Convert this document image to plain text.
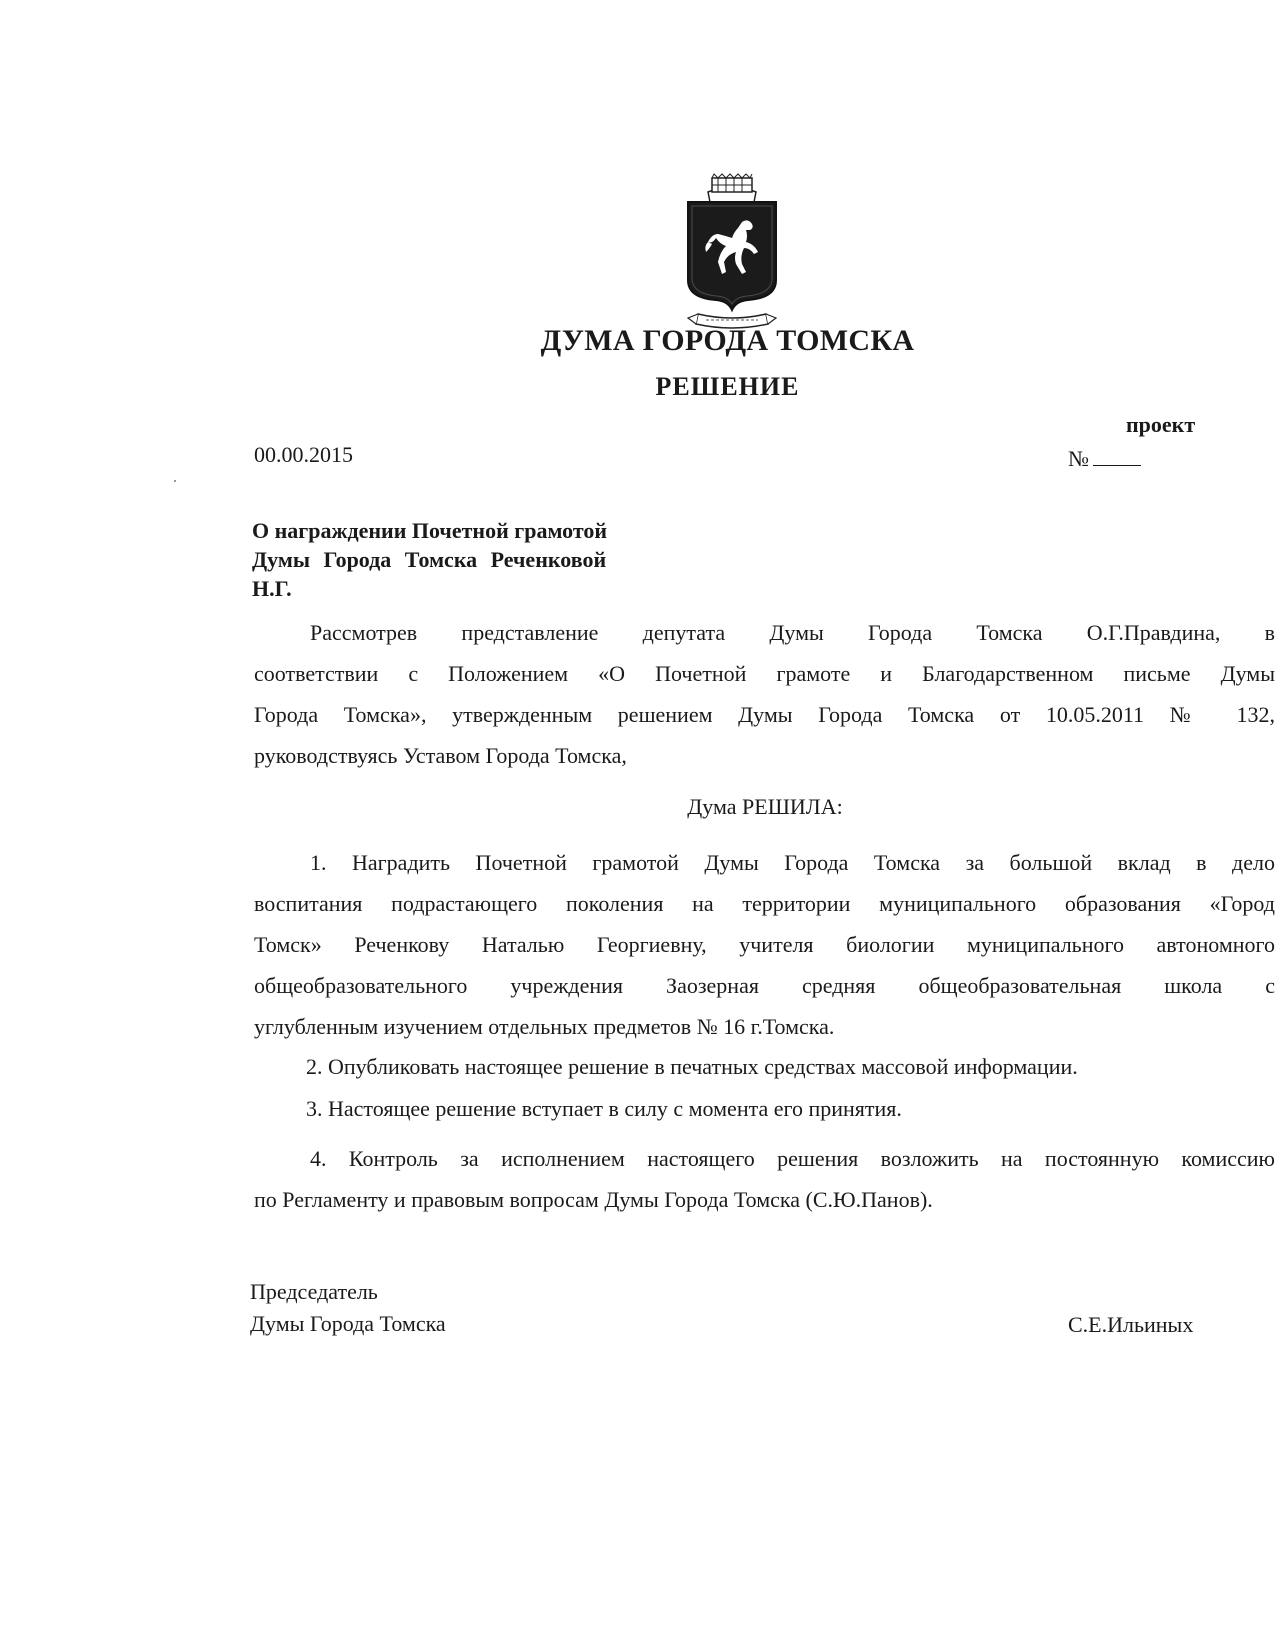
ДУМА ГОРОДА ТОМСКА
РЕШЕНИЕ
проект
00.00.2015	№
О награждении Почетной грамотой
Думы Города Томска Реченковой
Н.Г.
Рассмотрев представление депутата Думы Города Томска О.Г.Правдина, в
соответствии с Положением «О Почетной грамоте и Благодарственном письме Думы
Города Томска», утвержденным решением Думы Города Томска от 10.05.2011 № 132,
руководствуясь Уставом Города Томска,
Дума РЕШИЛА:
1. Наградить Почетной грамотой Думы Города Томска за большой вклад в дело
воспитания подрастающего поколения на территории муниципального образования «Город
Томск» Реченкову Наталью Георгиевну, учителя биологии муниципального автономного
общеобразовательного учреждения Заозерная средняя общеобразовательная школа с
углубленным изучением отдельных предметов № 16 г.Томска.
2. Опубликовать настоящее решение в печатных средствах массовой информации.
3. Настоящее решение вступает в силу с момента его принятия.
4. Контроль за исполнением настоящего решения возложить на постоянную комиссию
по Регламенту и правовым вопросам Думы Города Томска (С.Ю.Панов).
Председатель
Думы Города Томска	С.Е.Ильиных
